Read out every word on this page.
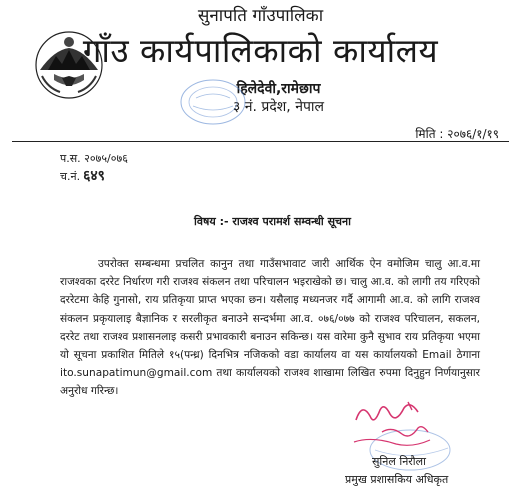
सुनापति गाँउपालिका
गाँउ कार्यपालिकाको कार्यालय
हिलेदेवी,रामेछाप
३ नं. प्रदेश, नेपाल
मिति : २०७६/१/१९
प.स. २०७५/०७६
च.नं. ६४९
विषय :- राजश्व परामर्श सम्वन्धी सूचना
उपरोक्त सम्बन्धमा प्रचलित कानुन तथा गाउँसभावाट जारी आर्थिक ऐन वमोजिम चालु आ.व.मा राजश्वका दररेट निर्धारण गरी राजश्व संकलन तथा परिचालन भइराखेको छ। चालु आ.व. को लागी तय गरिएको दररेटमा केहि गुनासो, राय प्रतिकृया प्राप्त भएका छन। यसैलाइ मध्यनजर गर्दै आगामी आ.व. को लागि राजश्व संकलन प्रकृयालाइ बैज्ञानिक र सरलीकृत बनाउने सन्दर्भमा आ.व. ०७६/०७७ को राजश्व परिचालन, सकलन, दररेट तथा राजश्व प्रशासनलाइ कसरी प्रभावकारी बनाउन सकिन्छ। यस वारेमा कुनै सुभाव राय प्रतिकृया भएमा यो सूचना प्रकाशित मितिले १५(पन्ध्र) दिनभित्र नजिकको वडा कार्यालय वा यस कार्यालयको Email ठेगाना ito.sunapatimun@gmail.com तथा कार्यालयको राजश्व शाखामा लिखित रुपमा दिनुहुन निर्णयानुसार अनुरोध गरिन्छ।
सुनिल निरौला
प्रमुख प्रशासकिय अधिकृत
